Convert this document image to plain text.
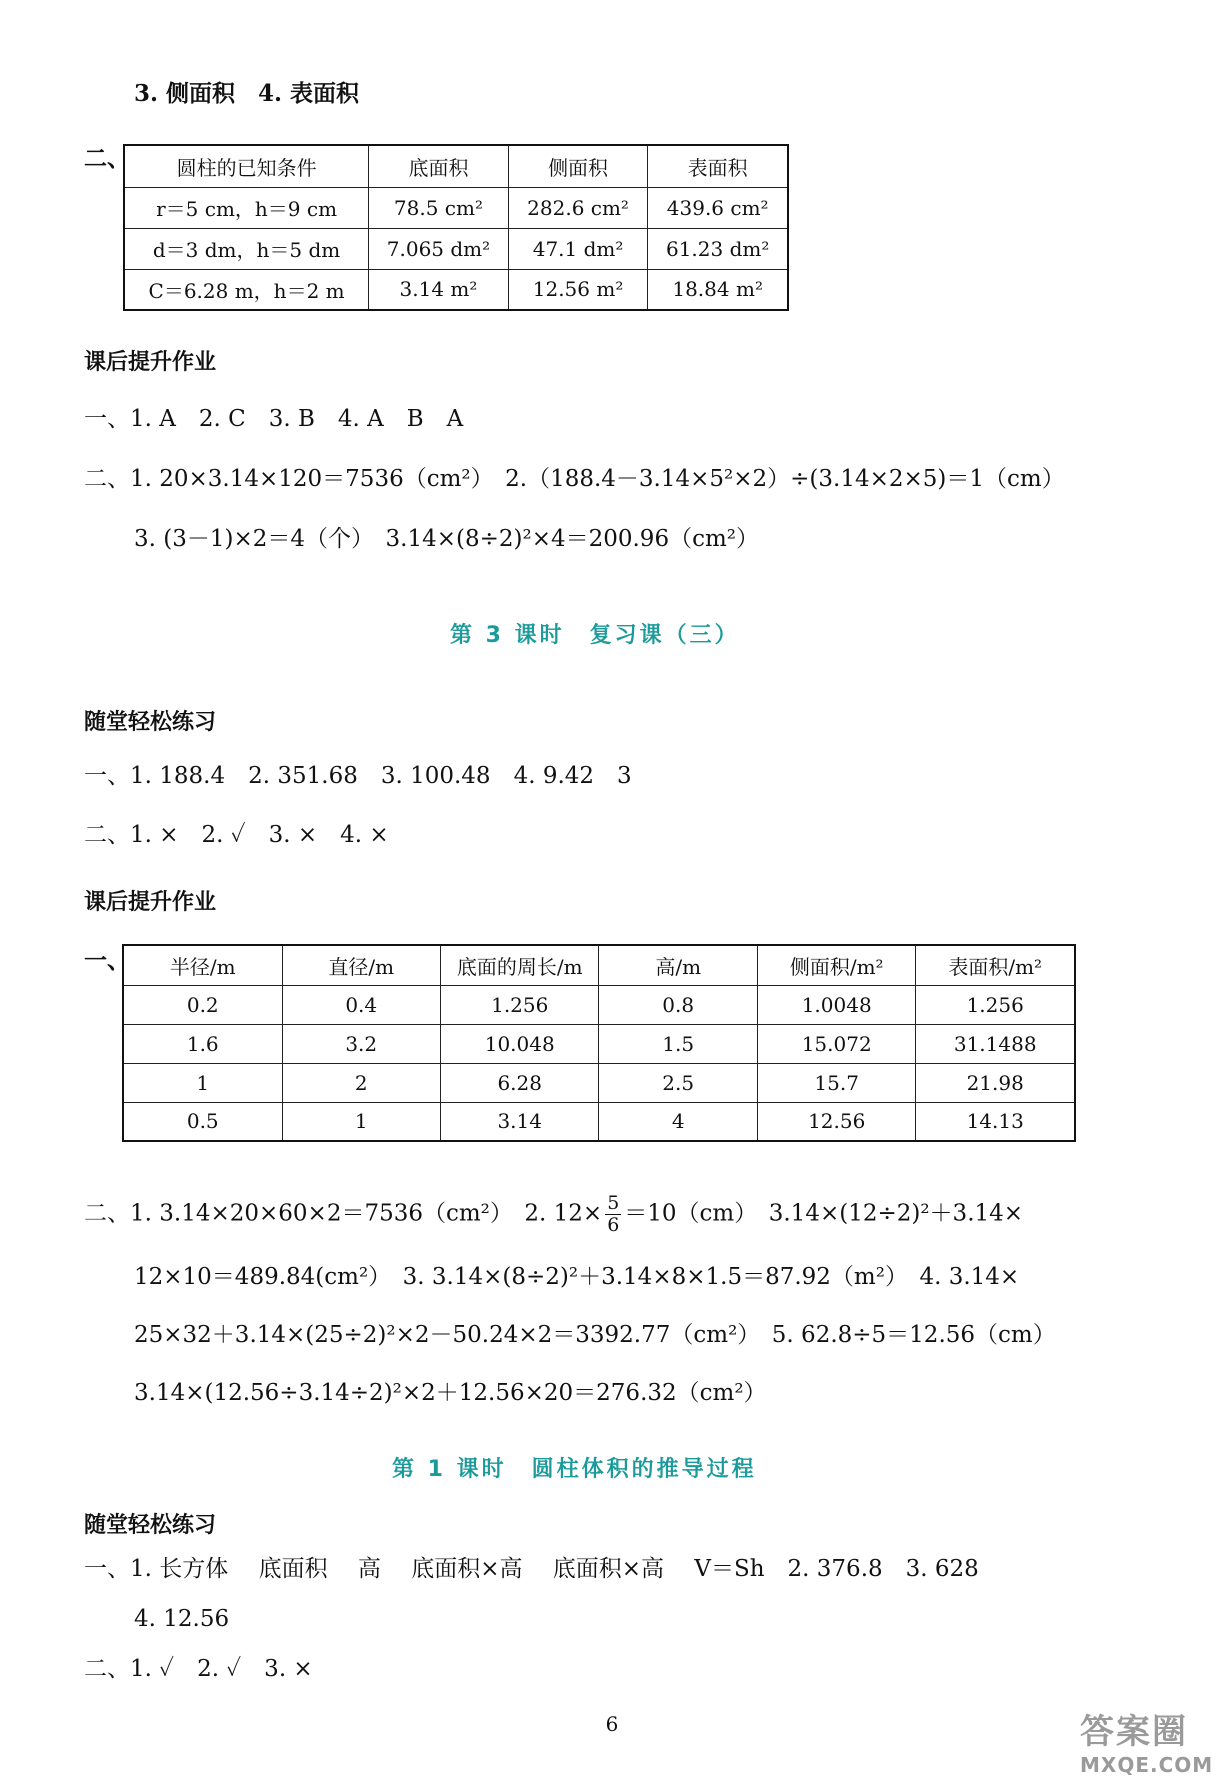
3. 侧面积　4. 表面积
二、 圆柱的已知条件	底面积	侧面积	表面积
r＝5 cm，h＝9 cm	78.5 cm²	282.6 cm²	439.6 cm²
d＝3 dm，h＝5 dm	7.065 dm²	47.1 dm²	61.23 dm²
C＝6.28 m，h＝2 m	3.14 m²	12.56 m²	18.84 m²
课后提升作业
一、1. A　2. C　3. B　4. A　B　A
二、1. 20×3.14×120＝7536（cm²）　2.（188.4－3.14×5²×2）÷(3.14×2×5)＝1（cm）
3. (3－1)×2＝4（个）　3.14×(8÷2)²×4＝200.96（cm²）
第 3 课时　复习课（三）
随堂轻松练习
一、1. 188.4　2. 351.68　3. 100.48　4. 9.42　3
二、1. ×　2. ✓　3. ×　4. ×
课后提升作业
一、 半径/m	直径/m	底面的周长/m	高/m	侧面积/m²	表面积/m²
0.2	0.4	1.256	0.8	1.0048	1.256
1.6	3.2	10.048	1.5	15.072	31.1488
1	2	6.28	2.5	15.7	21.98
0.5	1	3.14	4	12.56	14.13
二、1. 3.14×20×60×2＝7536（cm²）　2. $12\times \frac{5}{6} =10(cm)$　3.14×(12÷2)²＋3.14×
12×10＝489.84(cm²）　3. 3.14×(8÷2)²＋3.14×8×1.5＝87.92（m²）　4. 3.14×
25×32＋3.14×(25÷2)²×2－50.24×2＝3392.77（cm²）　5. 62.8÷5＝12.56（cm）
3.14×(12.56÷3.14÷2)²×2＋12.56×20＝276.32（cm²）
第 1 课时　圆柱体积的推导过程
随堂轻松练习
一、1. 长方体　 底面积　 高　 底面积×高　 底面积×高　 V＝Sh　2. 376.8　3. 628
4. 12.56
二、1. ✓　2. ✓　3. ×
6	答案圈
MXQE.COM
